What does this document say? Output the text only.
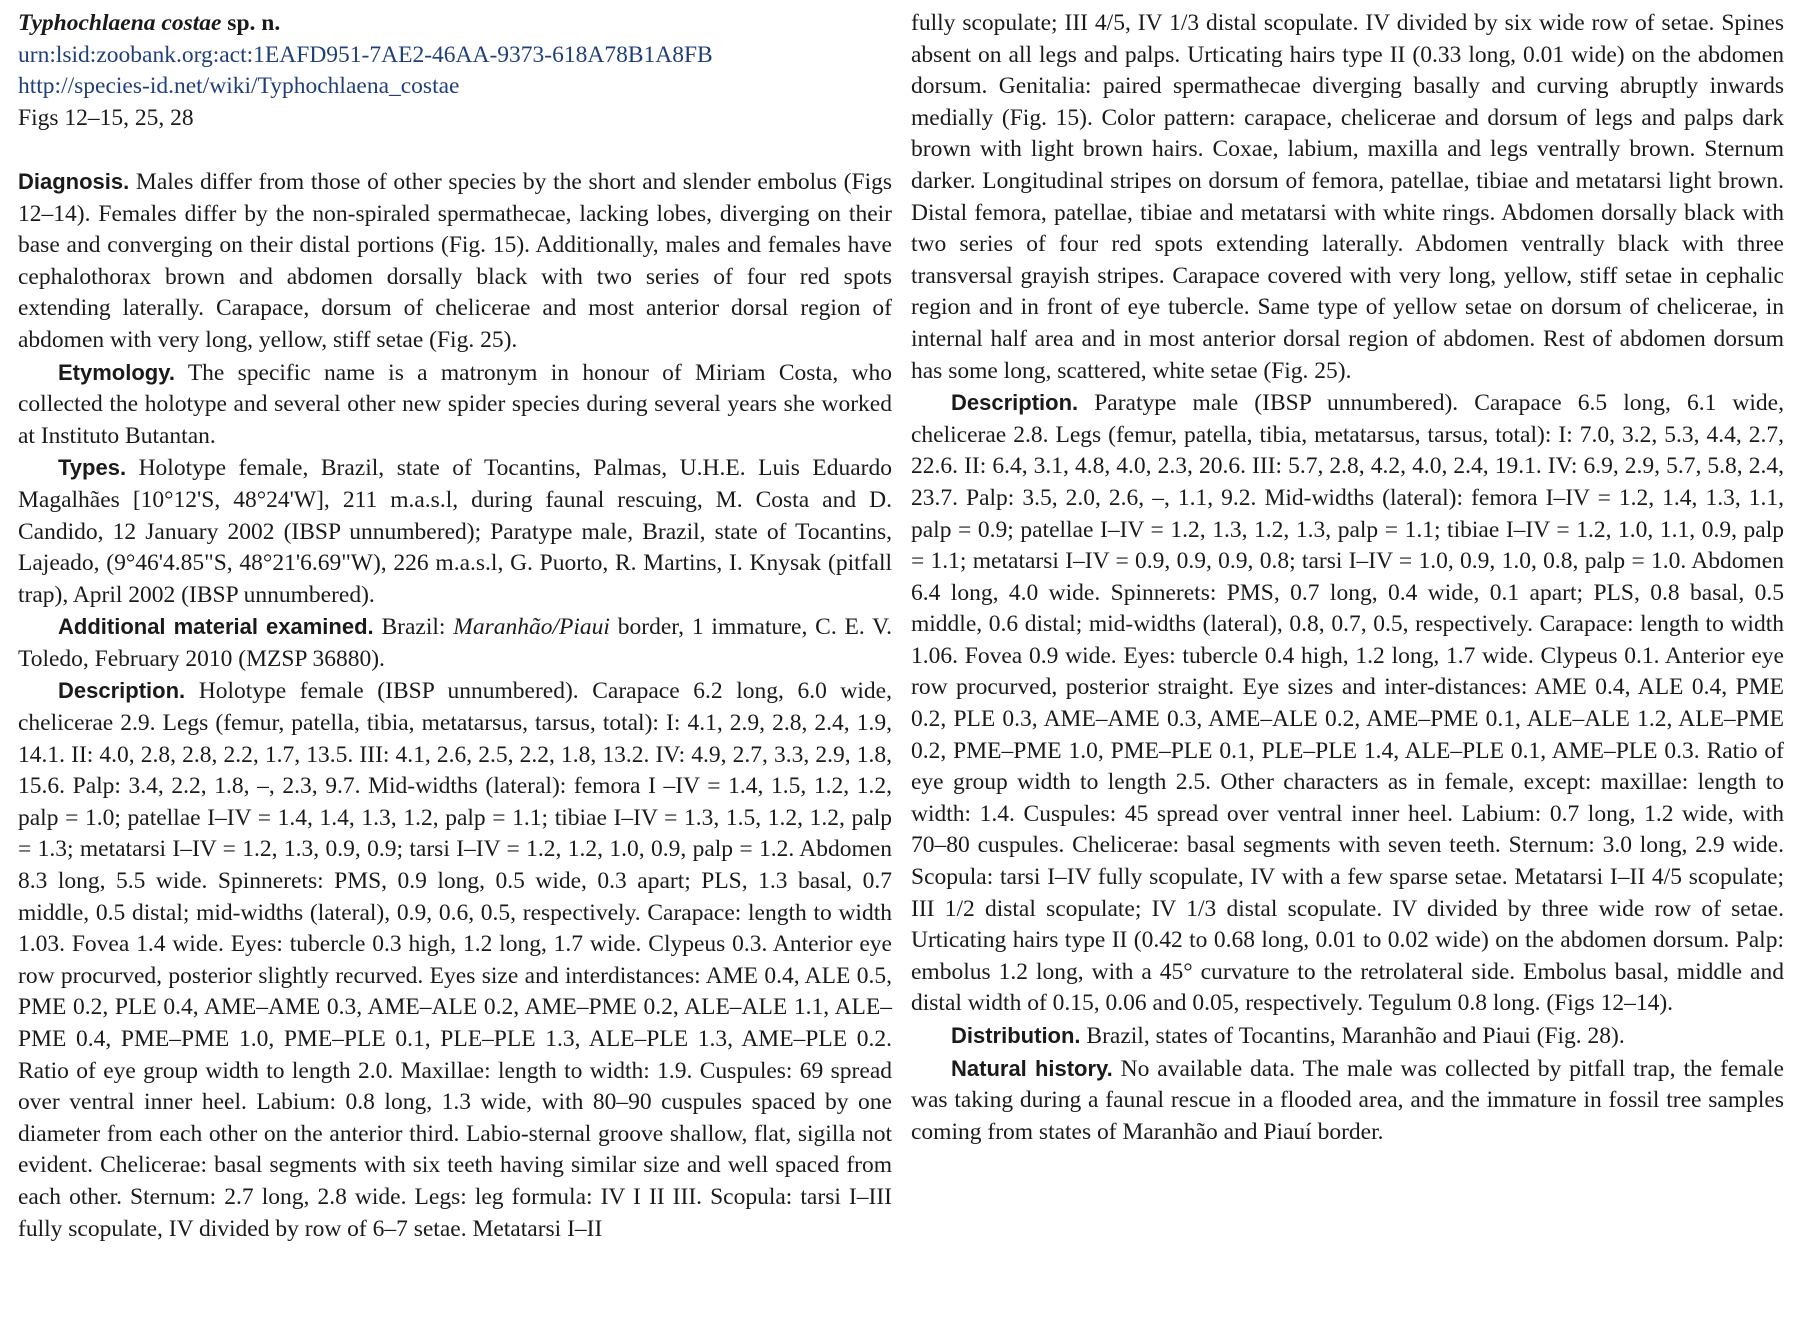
Typhochlaena costae sp. n.
urn:lsid:zoobank.org:act:1EAFD951-7AE2-46AA-9373-618A78B1A8FB
http://species-id.net/wiki/Typhochlaena_costae
Figs 12–15, 25, 28

Diagnosis. Males differ from those of other species by the short and slender embolus (Figs 12–14). Females differ by the non-spiraled spermathecae, lacking lobes, diverging on their base and converging on their distal portions (Fig. 15). Additionally, males and females have cephalothorax brown and abdomen dorsally black with two series of four red spots extending laterally. Carapace, dorsum of chelicerae and most anterior dorsal region of abdomen with very long, yellow, stiff setae (Fig. 25).

Etymology. The specific name is a matronym in honour of Miriam Costa, who collected the holotype and several other new spider species during several years she worked at Instituto Butantan.

Types. Holotype female, Brazil, state of Tocantins, Palmas, U.H.E. Luis Eduardo Magalhães [10°12'S, 48°24'W], 211 m.a.s.l, during faunal rescuing, M. Costa and D. Candido, 12 January 2002 (IBSP unnumbered); Paratype male, Brazil, state of Tocantins, Lajeado, (9°46'4.85"S, 48°21'6.69"W), 226 m.a.s.l, G. Puorto, R. Martins, I. Knysak (pitfall trap), April 2002 (IBSP unnumbered).

Additional material examined. Brazil: Maranhão/Piaui border, 1 immature, C. E. V. Toledo, February 2010 (MZSP 36880).

Description. Holotype female (IBSP unnumbered). Carapace 6.2 long, 6.0 wide, chelicerae 2.9. Legs (femur, patella, tibia, metatarsus, tarsus, total): I: 4.1, 2.9, 2.8, 2.4, 1.9, 14.1. II: 4.0, 2.8, 2.8, 2.2, 1.7, 13.5. III: 4.1, 2.6, 2.5, 2.2, 1.8, 13.2. IV: 4.9, 2.7, 3.3, 2.9, 1.8, 15.6. Palp: 3.4, 2.2, 1.8, –, 2.3, 9.7. Mid-widths (lateral): femora I –IV = 1.4, 1.5, 1.2, 1.2, palp = 1.0; patellae I–IV = 1.4, 1.4, 1.3, 1.2, palp = 1.1; tibiae I–IV = 1.3, 1.5, 1.2, 1.2, palp = 1.3; metatarsi I–IV = 1.2, 1.3, 0.9, 0.9; tarsi I–IV = 1.2, 1.2, 1.0, 0.9, palp = 1.2. Abdomen 8.3 long, 5.5 wide. Spinnerets: PMS, 0.9 long, 0.5 wide, 0.3 apart; PLS, 1.3 basal, 0.7 middle, 0.5 distal; mid-widths (lateral), 0.9, 0.6, 0.5, respectively. Carapace: length to width 1.03. Fovea 1.4 wide. Eyes: tubercle 0.3 high, 1.2 long, 1.7 wide. Clypeus 0.3. Anterior eye row procurved, posterior slightly recurved. Eyes size and interdistances: AME 0.4, ALE 0.5, PME 0.2, PLE 0.4, AME–AME 0.3, AME–ALE 0.2, AME–PME 0.2, ALE–ALE 1.1, ALE–PME 0.4, PME–PME 1.0, PME–PLE 0.1, PLE–PLE 1.3, ALE–PLE 1.3, AME–PLE 0.2. Ratio of eye group width to length 2.0. Maxillae: length to width: 1.9. Cuspules: 69 spread over ventral inner heel. Labium: 0.8 long, 1.3 wide, with 80–90 cuspules spaced by one diameter from each other on the anterior third. Labio-sternal groove shallow, flat, sigilla not evident. Chelicerae: basal segments with six teeth having similar size and well spaced from each other. Sternum: 2.7 long, 2.8 wide. Legs: leg formula: IV I II III. Scopula: tarsi I–III fully scopulate, IV divided by row of 6–7 setae. Metatarsi I–II

fully scopulate; III 4/5, IV 1/3 distal scopulate. IV divided by six wide row of setae. Spines absent on all legs and palps. Urticating hairs type II (0.33 long, 0.01 wide) on the abdomen dorsum. Genitalia: paired spermathecae diverging basally and curving abruptly inwards medially (Fig. 15). Color pattern: carapace, chelicerae and dorsum of legs and palps dark brown with light brown hairs. Coxae, labium, maxilla and legs ventrally brown. Sternum darker. Longitudinal stripes on dorsum of femora, patellae, tibiae and metatarsi light brown. Distal femora, patellae, tibiae and metatarsi with white rings. Abdomen dorsally black with two series of four red spots extending laterally. Abdomen ventrally black with three transversal grayish stripes. Carapace covered with very long, yellow, stiff setae in cephalic region and in front of eye tubercle. Same type of yellow setae on dorsum of chelicerae, in internal half area and in most anterior dorsal region of abdomen. Rest of abdomen dorsum has some long, scattered, white setae (Fig. 25).

Description. Paratype male (IBSP unnumbered). Carapace 6.5 long, 6.1 wide, chelicerae 2.8. Legs (femur, patella, tibia, metatarsus, tarsus, total): I: 7.0, 3.2, 5.3, 4.4, 2.7, 22.6. II: 6.4, 3.1, 4.8, 4.0, 2.3, 20.6. III: 5.7, 2.8, 4.2, 4.0, 2.4, 19.1. IV: 6.9, 2.9, 5.7, 5.8, 2.4, 23.7. Palp: 3.5, 2.0, 2.6, –, 1.1, 9.2. Mid-widths (lateral): femora I–IV = 1.2, 1.4, 1.3, 1.1, palp = 0.9; patellae I–IV = 1.2, 1.3, 1.2, 1.3, palp = 1.1; tibiae I–IV = 1.2, 1.0, 1.1, 0.9, palp = 1.1; metatarsi I–IV = 0.9, 0.9, 0.9, 0.8; tarsi I–IV = 1.0, 0.9, 1.0, 0.8, palp = 1.0. Abdomen 6.4 long, 4.0 wide. Spinnerets: PMS, 0.7 long, 0.4 wide, 0.1 apart; PLS, 0.8 basal, 0.5 middle, 0.6 distal; mid-widths (lateral), 0.8, 0.7, 0.5, respectively. Carapace: length to width 1.06. Fovea 0.9 wide. Eyes: tubercle 0.4 high, 1.2 long, 1.7 wide. Clypeus 0.1. Anterior eye row procurved, posterior straight. Eye sizes and inter-distances: AME 0.4, ALE 0.4, PME 0.2, PLE 0.3, AME–AME 0.3, AME–ALE 0.2, AME–PME 0.1, ALE–ALE 1.2, ALE–PME 0.2, PME–PME 1.0, PME–PLE 0.1, PLE–PLE 1.4, ALE–PLE 0.1, AME–PLE 0.3. Ratio of eye group width to length 2.5. Other characters as in female, except: maxillae: length to width: 1.4. Cuspules: 45 spread over ventral inner heel. Labium: 0.7 long, 1.2 wide, with 70–80 cuspules. Chelicerae: basal segments with seven teeth. Sternum: 3.0 long, 2.9 wide. Scopula: tarsi I–IV fully scopulate, IV with a few sparse setae. Metatarsi I–II 4/5 scopulate; III 1/2 distal scopulate; IV 1/3 distal scopulate. IV divided by three wide row of setae. Urticating hairs type II (0.42 to 0.68 long, 0.01 to 0.02 wide) on the abdomen dorsum. Palp: embolus 1.2 long, with a 45° curvature to the retrolateral side. Embolus basal, middle and distal width of 0.15, 0.06 and 0.05, respectively. Tegulum 0.8 long. (Figs 12–14).

Distribution. Brazil, states of Tocantins, Maranhão and Piaui (Fig. 28).

Natural history. No available data. The male was collected by pitfall trap, the female was taking during a faunal rescue in a flooded area, and the immature in fossil tree samples coming from states of Maranhão and Piauí border.
